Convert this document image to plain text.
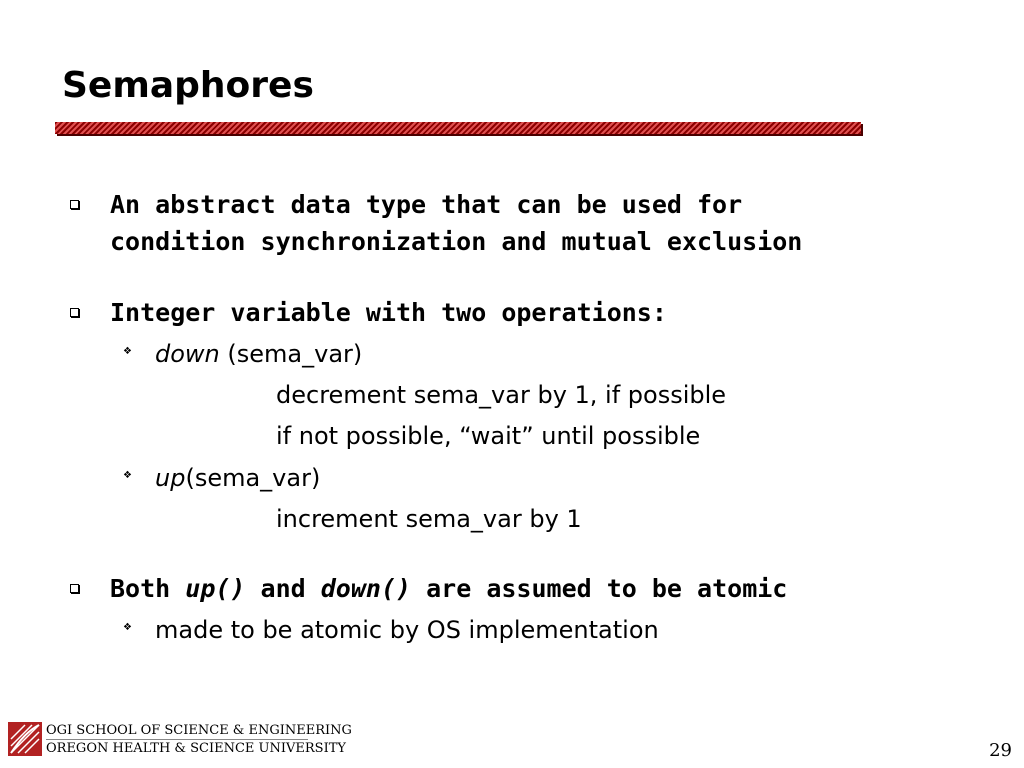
Semaphores
An abstract data type that can be used for
condition synchronization and mutual exclusion
Integer variable with two operations:
❖ down (sema_var)
decrement sema_var by 1, if possible
if not possible, “wait” until possible
❖ up(sema_var)
increment sema_var by 1
Both up() and down() are assumed to be atomic
❖ made to be atomic by OS implementation
OGI SCHOOL OF SCIENCE & ENGINEERING
OREGON HEALTH & SCIENCE UNIVERSITY	29
